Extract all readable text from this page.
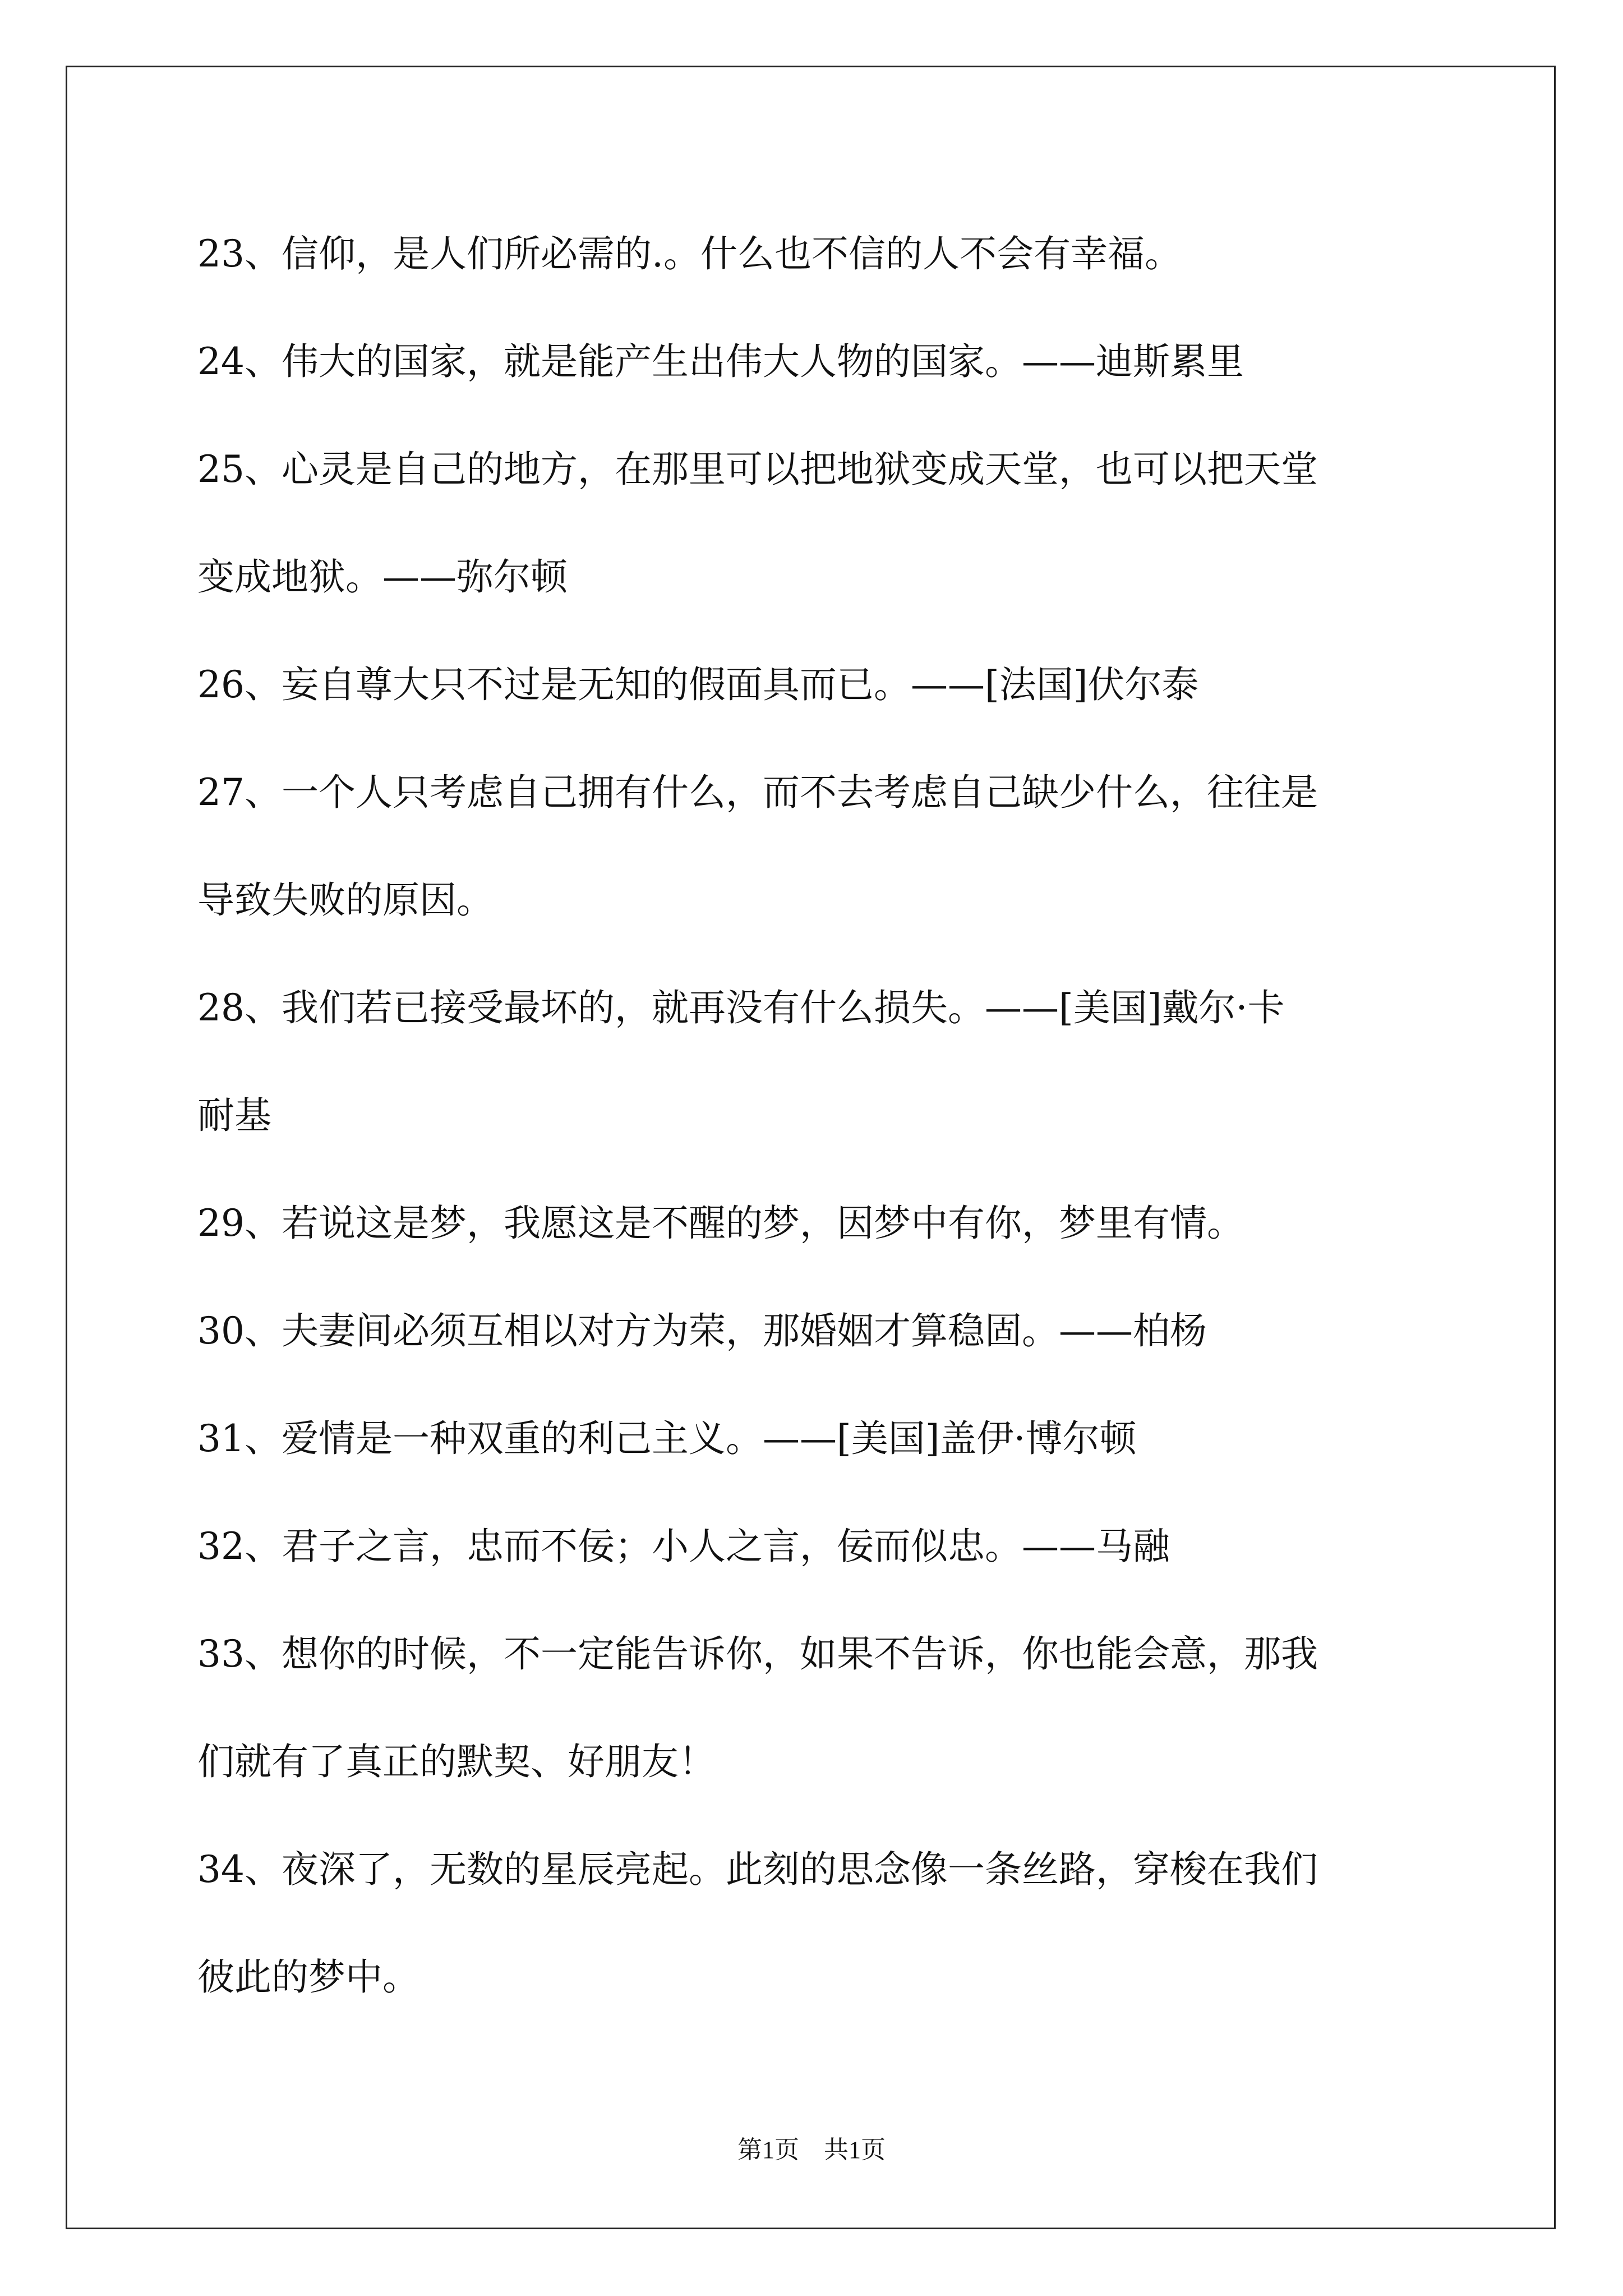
23、信仰，是人们所必需的.。什么也不信的人不会有幸福。
24、伟大的国家，就是能产生出伟大人物的国家。——迪斯累里
25、心灵是自己的地方，在那里可以把地狱变成天堂，也可以把天堂
变成地狱。——弥尔顿
26、妄自尊大只不过是无知的假面具而已。——[法国]伏尔泰
27、一个人只考虑自己拥有什么，而不去考虑自己缺少什么，往往是
导致失败的原因。
28、我们若已接受最坏的，就再没有什么损失。——[美国]戴尔·卡
耐基
29、若说这是梦，我愿这是不醒的梦，因梦中有你，梦里有情。
30、夫妻间必须互相以对方为荣，那婚姻才算稳固。——柏杨
31、爱情是一种双重的利己主义。——[美国]盖伊·博尔顿
32、君子之言，忠而不佞；小人之言，佞而似忠。——马融
33、想你的时候，不一定能告诉你，如果不告诉，你也能会意，那我
们就有了真正的默契、好朋友！
34、夜深了，无数的星辰亮起。此刻的思念像一条丝路，穿梭在我们
彼此的梦中。
第1页　共1页
